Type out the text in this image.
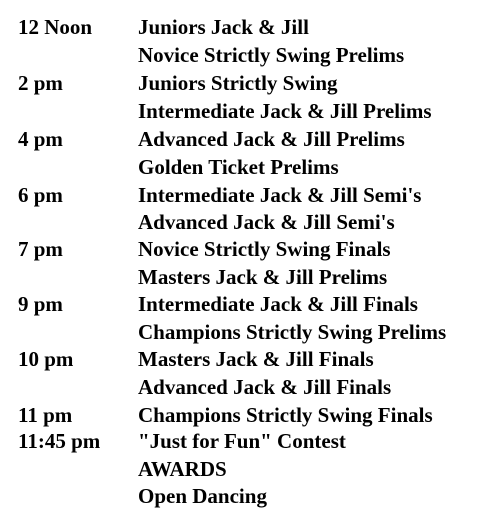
12 Noon Juniors Jack & Jill
Novice Strictly Swing Prelims
2 pm	Juniors Strictly Swing
Intermediate Jack & Jill Prelims
4 pm	Advanced Jack & Jill Prelims
Golden Ticket Prelims
6 pm	Intermediate Jack & Jill Semi's
Advanced Jack & Jill Semi's
7 pm	Novice Strictly Swing Finals
Masters Jack & Jill Prelims
9 pm	Intermediate Jack & Jill Finals
Champions Strictly Swing Prelims
10 pm	Masters Jack & Jill Finals
Advanced Jack & Jill Finals
11 pm	Champions Strictly Swing Finals
11:45 pm "Just for Fun" Contest
AWARDS
Open Dancing
